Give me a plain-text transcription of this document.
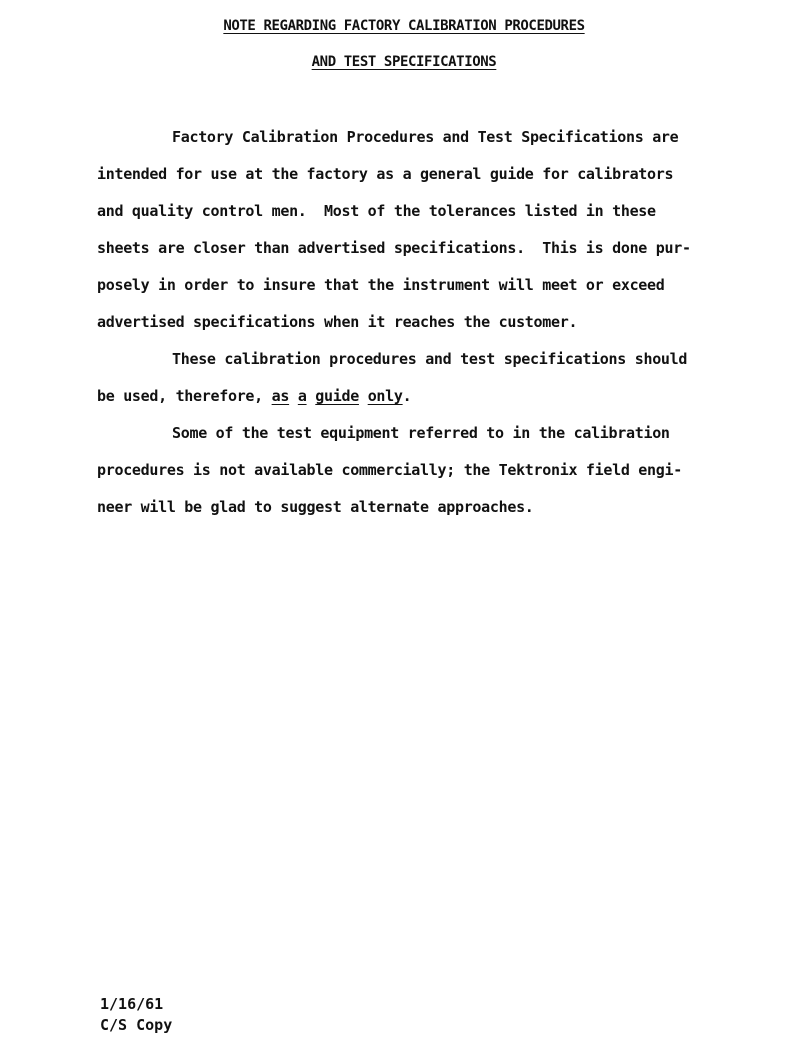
NOTE REGARDING FACTORY CALIBRATION PROCEDURES
AND TEST SPECIFICATIONS
Factory Calibration Procedures and Test Specifications are
intended for use at the factory as a general guide for calibrators
and quality control men.  Most of the tolerances listed in these
sheets are closer than advertised specifications.  This is done pur-
posely in order to insure that the instrument will meet or exceed
advertised specifications when it reaches the customer.
These calibration procedures and test specifications should
be used, therefore, as a guide only.
Some of the test equipment referred to in the calibration
procedures is not available commercially; the Tektronix field engi-
neer will be glad to suggest alternate approaches.
1/16/61
C/S Copy
